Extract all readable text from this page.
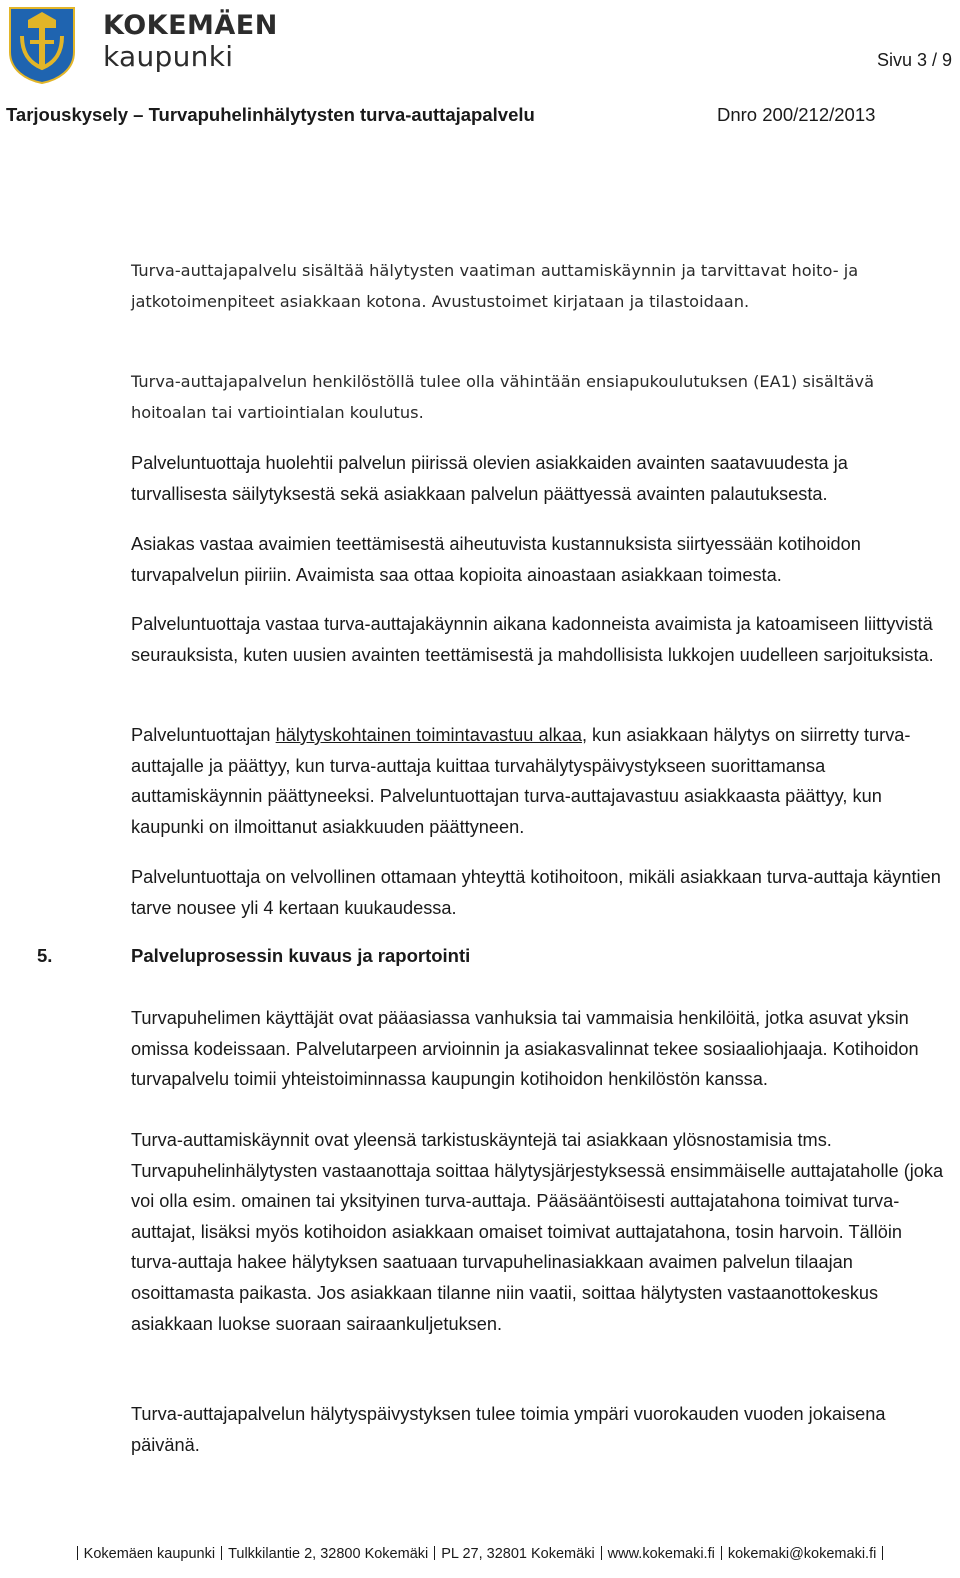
KOKEMÄEN
kaupunki	Sivu 3 / 9
Tarjouskysely – Turvapuhelinhälytysten turva-auttajapalvelu	Dnro 200/212/2013
Turva-auttajapalvelu sisältää hälytysten vaatiman auttamiskäynnin ja tarvittavat hoito- ja jatkotoimenpiteet asiakkaan kotona. Avustustoimet kirjataan ja tilastoidaan.
Turva-auttajapalvelun henkilöstöllä tulee olla vähintään ensiapukoulutuksen (EA1) sisältävä hoitoalan tai vartiointialan koulutus.
Palveluntuottaja huolehtii palvelun piirissä olevien asiakkaiden avainten saatavuudesta ja turvallisesta säilytyksestä sekä asiakkaan palvelun päättyessä avainten palautuksesta.
Asiakas vastaa avaimien teettämisestä aiheutuvista kustannuksista siirtyessään kotihoidon turvapalvelun piiriin. Avaimista saa ottaa kopioita ainoastaan asiakkaan toimesta.
Palveluntuottaja vastaa turva-auttajakäynnin aikana kadonneista avaimista ja katoamiseen liittyvistä seurauksista, kuten uusien avainten teettämisestä ja mahdollisista lukkojen uudelleen sarjoituksista.
Palveluntuottajan hälytyskohtainen toimintavastuu alkaa, kun asiakkaan hälytys on siirretty turva-auttajalle ja päättyy, kun turva-auttaja kuittaa turvahälytyspäivystykseen suorittamansa auttamiskäynnin päättyneeksi. Palveluntuottajan turva-auttajavastuu asiakkaasta päättyy, kun kaupunki on ilmoittanut asiakkuuden päättyneen.
Palveluntuottaja on velvollinen ottamaan yhteyttä kotihoitoon, mikäli asiakkaan turva-auttaja käyntien tarve nousee yli 4 kertaan kuukaudessa.
5.	Palveluprosessin kuvaus ja raportointi
Turvapuhelimen käyttäjät ovat pääasiassa vanhuksia tai vammaisia henkilöitä, jotka asuvat yksin omissa kodeissaan. Palvelutarpeen arvioinnin ja asiakasvalinnat tekee sosiaaliohjaaja. Kotihoidon turvapalvelu toimii yhteistoiminnassa kaupungin kotihoidon henkilöstön kanssa.
Turva-auttamiskäynnit ovat yleensä tarkistuskäyntejä tai asiakkaan ylösnostamisia tms. Turvapuhelinhälytysten vastaanottaja soittaa hälytysjärjestyksessä ensimmäiselle auttajataholle (joka voi olla esim. omainen tai yksityinen turva-auttaja. Pääsääntöisesti auttajatahona toimivat turva-auttajat, lisäksi myös kotihoidon asiakkaan omaiset toimivat auttajatahona, tosin harvoin. Tällöin turva-auttaja hakee hälytyksen saatuaan turvapuhelinasiakkaan avaimen palvelun tilaajan osoittamasta paikasta. Jos asiakkaan tilanne niin vaatii, soittaa hälytysten vastaanottokeskus asiakkaan luokse suoraan sairaankuljetuksen.
Turva-auttajapalvelun hälytyspäivystyksen tulee toimia ympäri vuorokauden vuoden jokaisena päivänä.
Kokemäen kaupunki Tulkkilantie 2, 32800 Kokemäki PL 27, 32801 Kokemäki www.kokemaki.fi kokemaki@kokemaki.fi
